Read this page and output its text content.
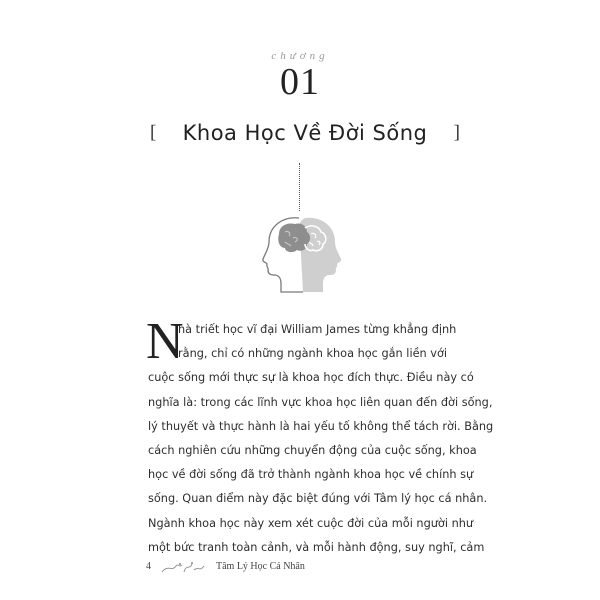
chương
01
[	Khoa Học Về Đời Sống	]
N
hà triết học vĩ đại William James từng khẳng định
rằng, chỉ có những ngành khoa học gắn liền với
cuộc sống mới thực sự là khoa học đích thực. Điều này có
nghĩa là: trong các lĩnh vực khoa học liên quan đến đời sống,
lý thuyết và thực hành là hai yếu tố không thể tách rời. Bằng
cách nghiên cứu những chuyển động của cuộc sống, khoa
học về đời sống đã trở thành ngành khoa học về chính sự
sống. Quan điểm này đặc biệt đúng với Tâm lý học cá nhân.
Ngành khoa học này xem xét cuộc đời của mỗi người như
một bức tranh toàn cảnh, và mỗi hành động, suy nghĩ, cảm
4	Tâm Lý Học Cá Nhân
